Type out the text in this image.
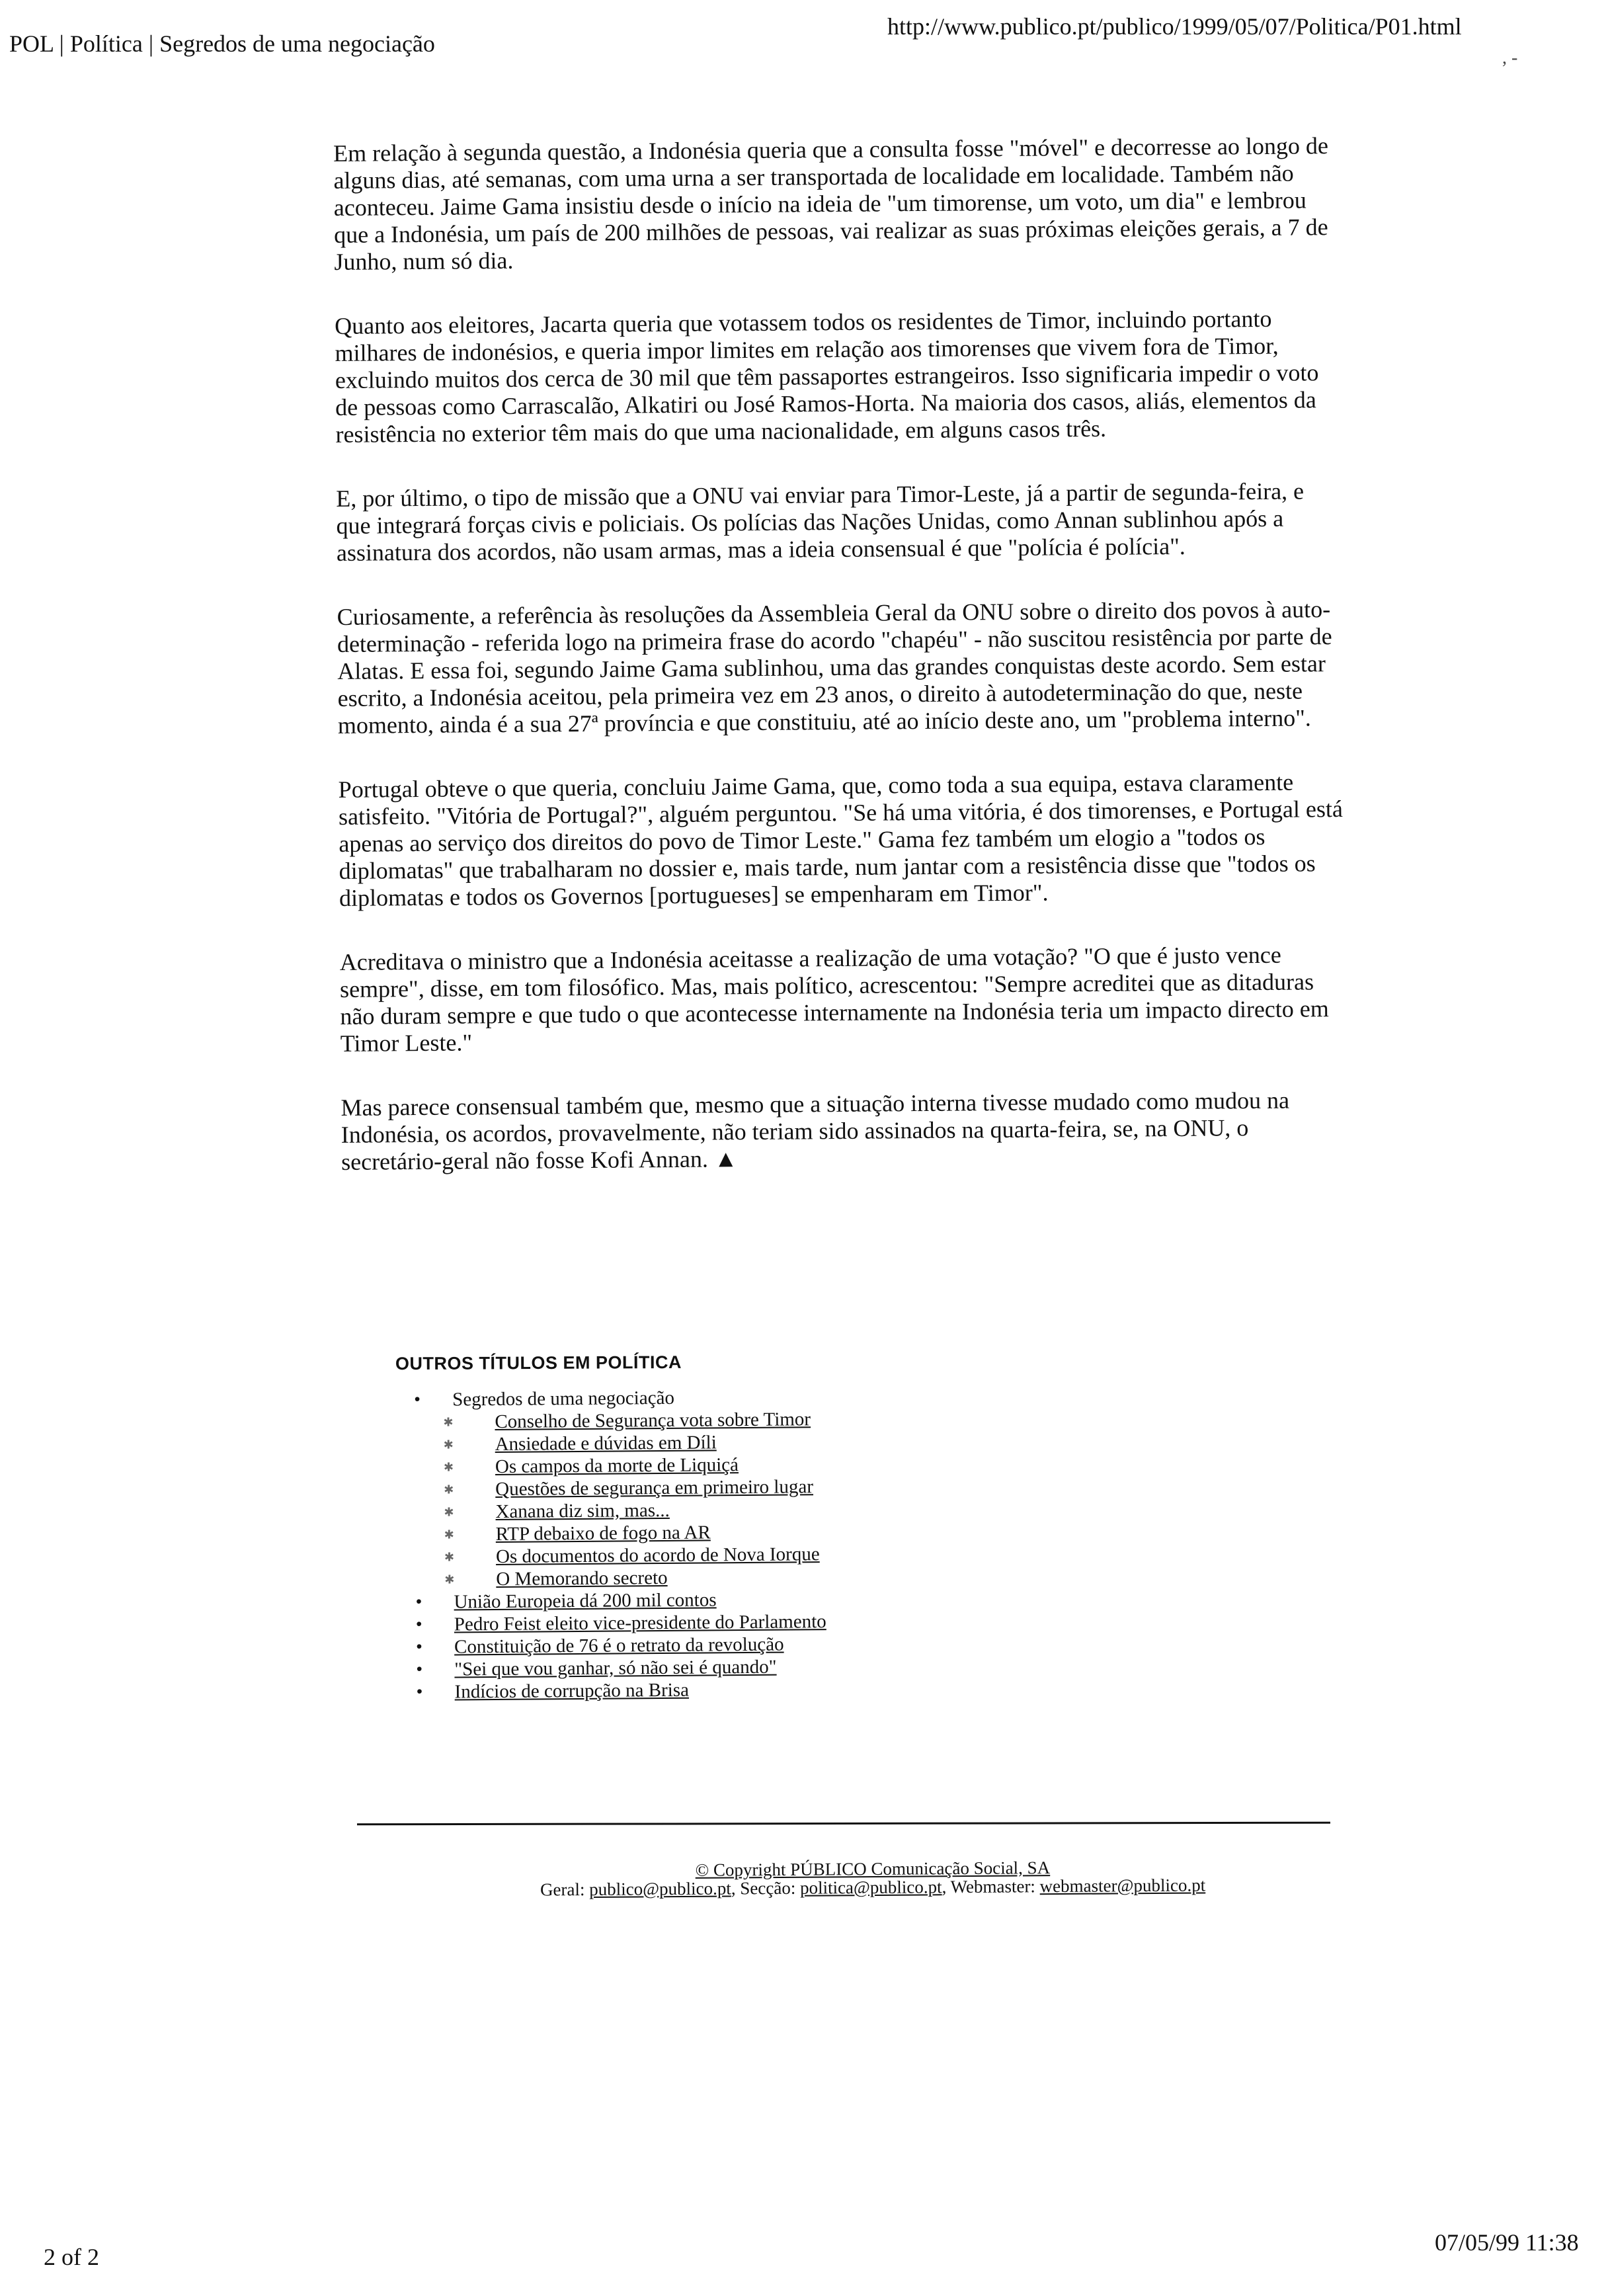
POL | Política | Segredos de uma negociação
http://www.publico.pt/publico/1999/05/07/Politica/P01.html
, -

Em relação à segunda questão, a Indonésia queria que a consulta fosse "móvel" e decorresse ao longo de alguns dias, até semanas, com uma urna a ser transportada de localidade em localidade. Também não aconteceu. Jaime Gama insistiu desde o início na ideia de "um timorense, um voto, um dia" e lembrou que a Indonésia, um país de 200 milhões de pessoas, vai realizar as suas próximas eleições gerais, a 7 de Junho, num só dia.

Quanto aos eleitores, Jacarta queria que votassem todos os residentes de Timor, incluindo portanto milhares de indonésios, e queria impor limites em relação aos timorenses que vivem fora de Timor, excluindo muitos dos cerca de 30 mil que têm passaportes estrangeiros. Isso significaria impedir o voto de pessoas como Carrascalão, Alkatiri ou José Ramos-Horta. Na maioria dos casos, aliás, elementos da resistência no exterior têm mais do que uma nacionalidade, em alguns casos três.

E, por último, o tipo de missão que a ONU vai enviar para Timor-Leste, já a partir de segunda-feira, e que integrará forças civis e policiais. Os polícias das Nações Unidas, como Annan sublinhou após a assinatura dos acordos, não usam armas, mas a ideia consensual é que "polícia é polícia".

Curiosamente, a referência às resoluções da Assembleia Geral da ONU sobre o direito dos povos à auto-determinação - referida logo na primeira frase do acordo "chapéu" - não suscitou resistência por parte de Alatas. E essa foi, segundo Jaime Gama sublinhou, uma das grandes conquistas deste acordo. Sem estar escrito, a Indonésia aceitou, pela primeira vez em 23 anos, o direito à autodeterminação do que, neste momento, ainda é a sua 27ª província e que constituiu, até ao início deste ano, um "problema interno".

Portugal obteve o que queria, concluiu Jaime Gama, que, como toda a sua equipa, estava claramente satisfeito. "Vitória de Portugal?", alguém perguntou. "Se há uma vitória, é dos timorenses, e Portugal está apenas ao serviço dos direitos do povo de Timor Leste." Gama fez também um elogio a "todos os diplomatas" que trabalharam no dossier e, mais tarde, num jantar com a resistência disse que "todos os diplomatas e todos os Governos [portugueses] se empenharam em Timor".

Acreditava o ministro que a Indonésia aceitasse a realização de uma votação? "O que é justo vence sempre", disse, em tom filosófico. Mas, mais político, acrescentou: "Sempre acreditei que as ditaduras não duram sempre e que tudo o que acontecesse internamente na Indonésia teria um impacto directo em Timor Leste."

Mas parece consensual também que, mesmo que a situação interna tivesse mudado como mudou na Indonésia, os acordos, provavelmente, não teriam sido assinados na quarta-feira, se, na ONU, o secretário-geral não fosse Kofi Annan. ▲

OUTROS TÍTULOS EM POLÍTICA
• Segredos de uma negociação
✱ Conselho de Segurança vota sobre Timor
✱ Ansiedade e dúvidas em Díli
✱ Os campos da morte de Liquiçá
✱ Questões de segurança em primeiro lugar
✱ Xanana diz sim, mas...
✱ RTP debaixo de fogo na AR
✱ Os documentos do acordo de Nova Iorque
✱ O Memorando secreto
• União Europeia dá 200 mil contos
• Pedro Feist eleito vice-presidente do Parlamento
• Constituição de 76 é o retrato da revolução
• "Sei que vou ganhar, só não sei é quando"
• Indícios de corrupção na Brisa
© Copyright PÚBLICO Comunicação Social, SA
Geral: publico@publico.pt, Secção: politica@publico.pt, Webmaster: webmaster@publico.pt
2 of 2
07/05/99 11:38
